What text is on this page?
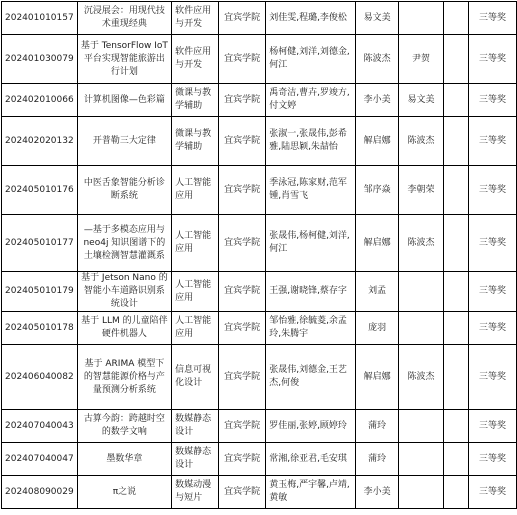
202401010157	沉浸展会：用现代技术重现经典	软件应用与开发	宜宾学院	刘佳雯,程璐,李俊松	易文美			三等奖
202401030079	基于 TensorFlow IoT 平台实现智能旅游出行计划	软件应用与开发	宜宾学院	杨柯健,刘洋,刘德金,何江	陈波杰	尹贺		三等奖
202402010066	计算机图像—色彩篇	微课与教学辅助	宜宾学院	禹奇洁,曹卉,罗竣方,付文婷	李小美	易文美		三等奖
202402020132	开普勒三大定律	微课与教学辅助	宜宾学院	张淑一,张晟伟,彭希雅,陆思颖,朱喆怡	解启娜	陈波杰		三等奖
202405010176	中医舌象智能分析诊断系统	人工智能应用	宜宾学院	季泳冠,陈家财,范军锺,肖雪飞	邹序焱	李朝荣		三等奖
202405010177	—基于多模态应用与 neo4j 知识图谱下的土壤检测智慧灌溉系	人工智能应用	宜宾学院	张晟伟,杨柯健,刘洋,何江	解启娜	陈波杰		三等奖
202405010179	基于 Jetson Nano 的智能小车道路识别系统设计	人工智能应用	宜宾学院	王强,谢晓锋,蔡存字	刘孟			三等奖
202405010178	基于 LLM 的儿童陪伴硬件机器人	人工智能应用	宜宾学院	邹怡雅,徐毓菱,余孟玲,朱腾宇	庞羽			三等奖
202406040082	基于 ARIMA 模型下的智慧能源价格与产量预测分析系统	信息可视化设计	宜宾学院	张晟伟,刘德金,王艺杰,何俊	解启娜	陈波杰		三等奖
202407040043	古算今韵：跨越时空的数学文响	数媒静态设计	宜宾学院	罗佳丽,张婷,顾婷玲	蒲玲			三等奖
202407040047	墨数华章	数媒静态设计	宜宾学院	常湘,徐亚君,毛安琪	蒲玲			三等奖
202408090029	π之说	数媒动漫与短片	宜宾学院	黄玉梅,严宇馨,卢靖,黄敏	李小美			三等奖
